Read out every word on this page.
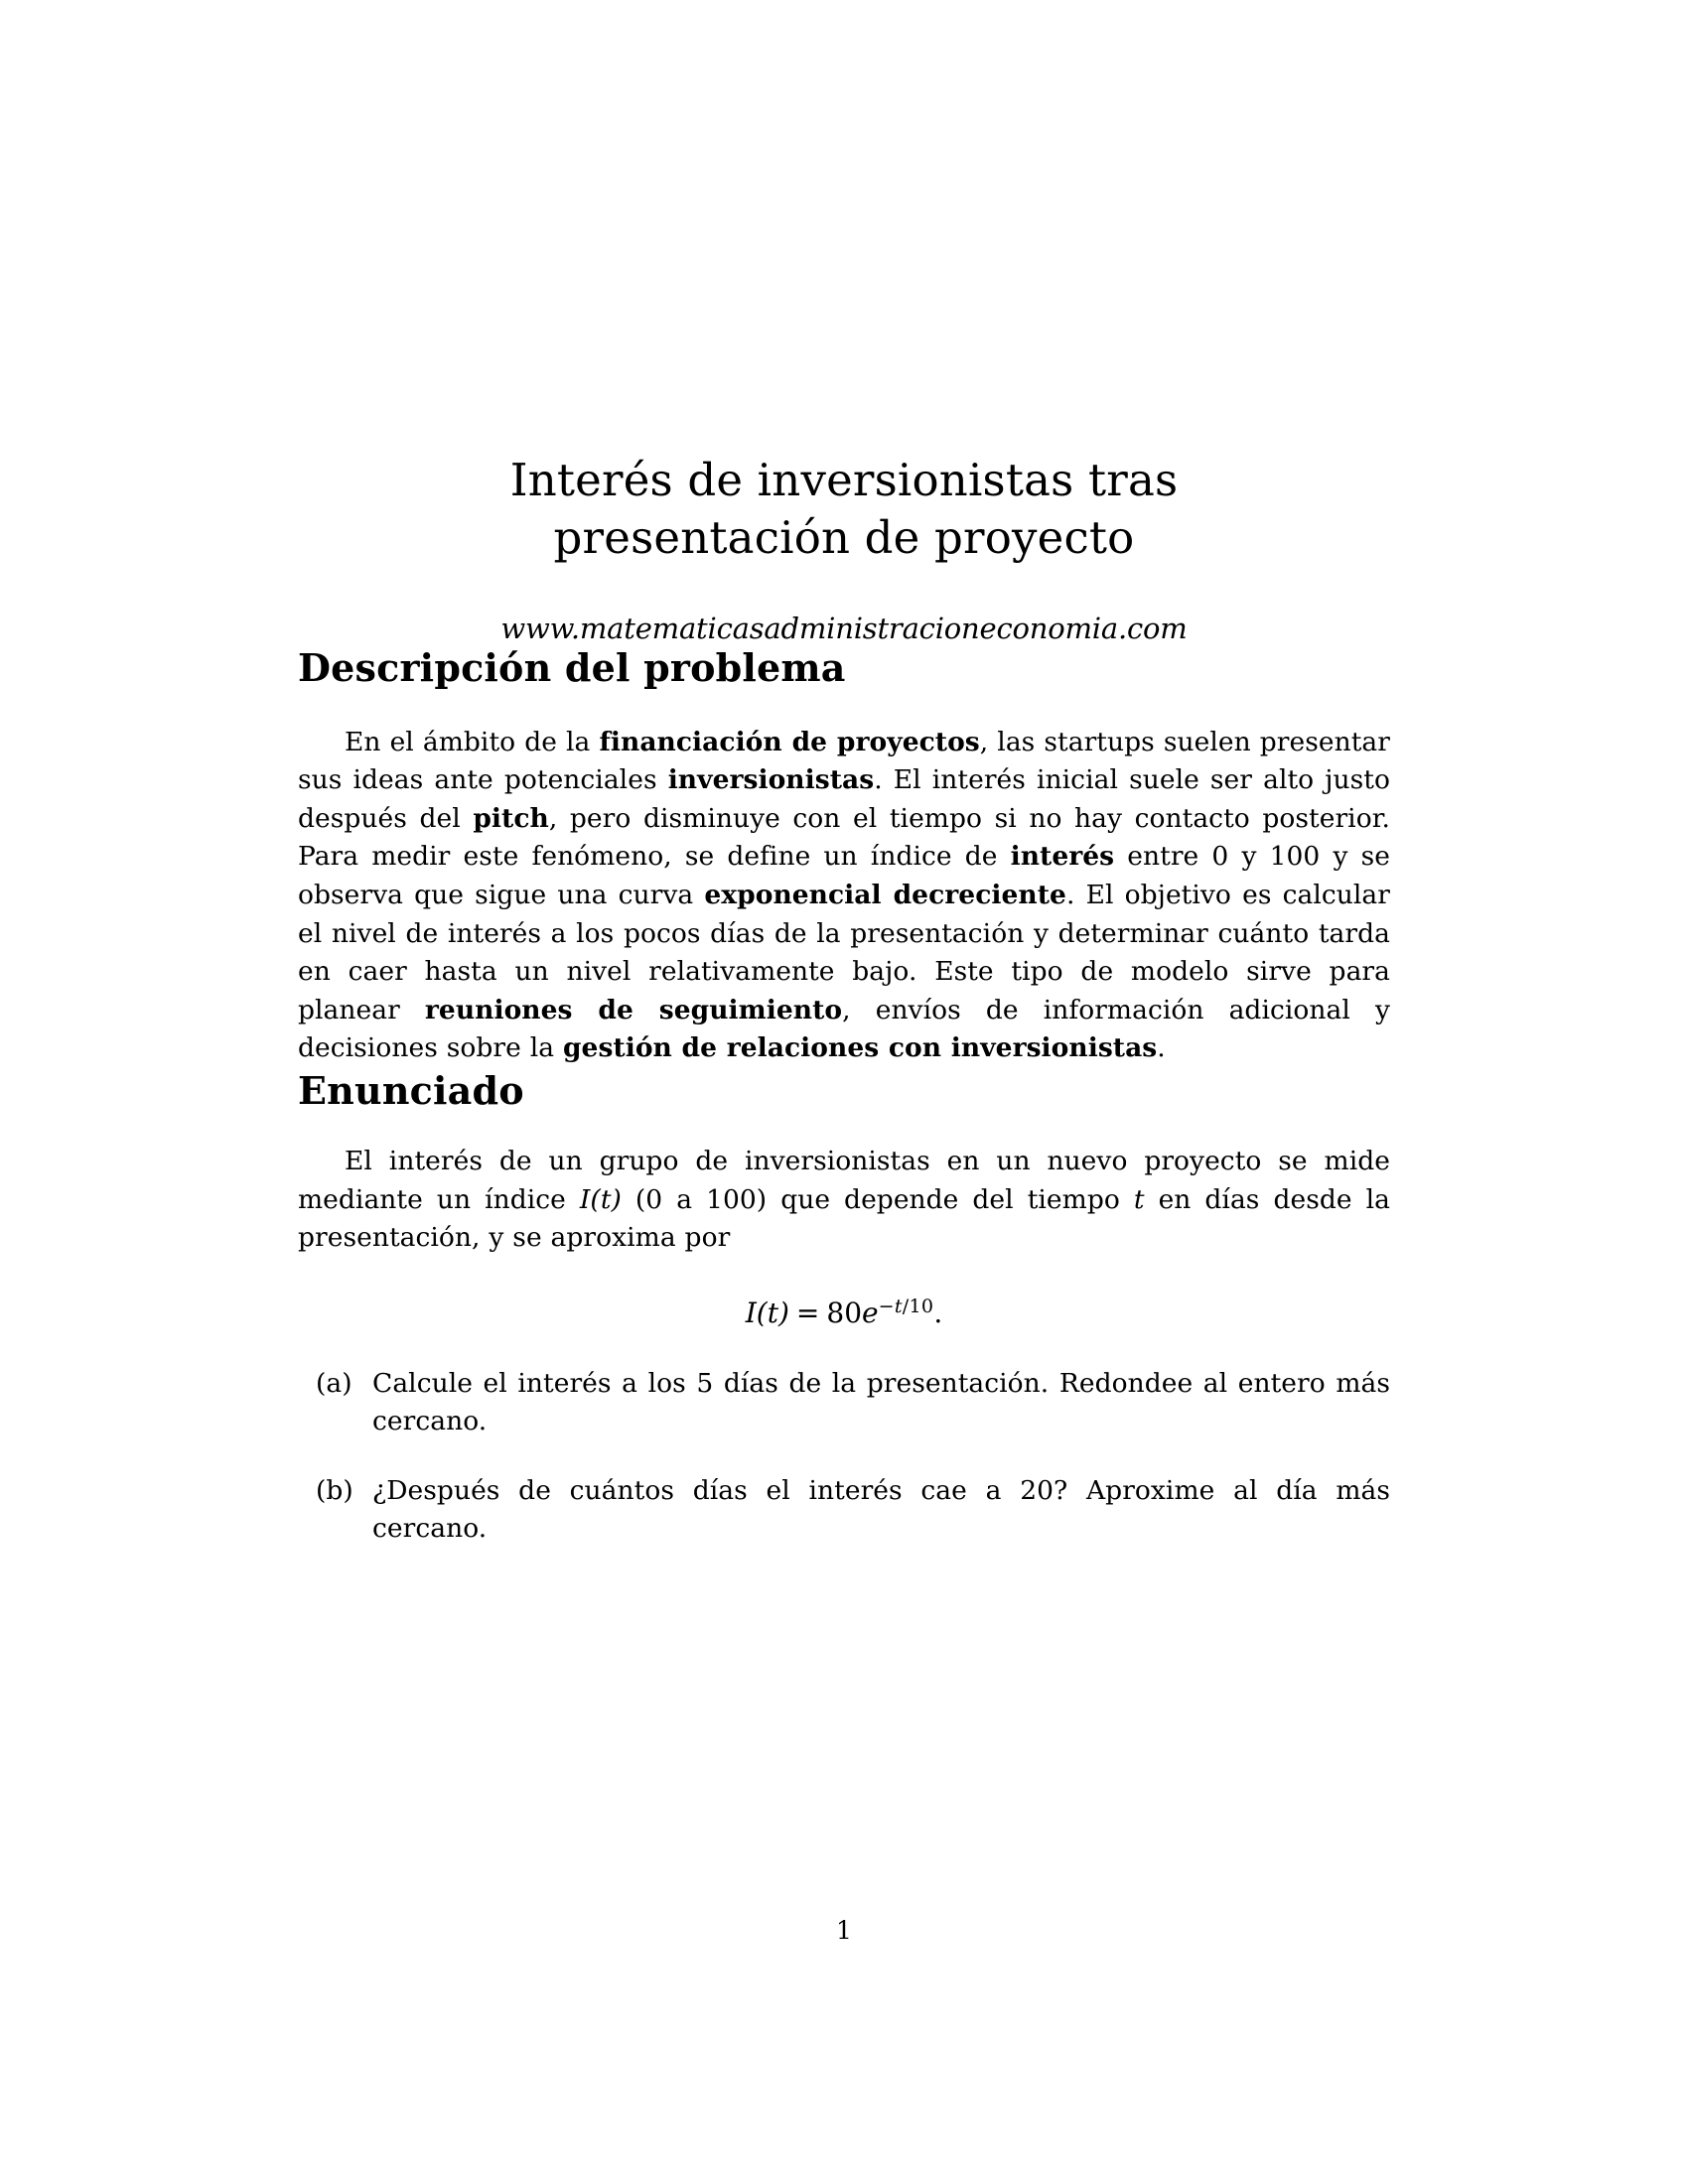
Interés de inversionistas tras
presentación de proyecto
www.matematicasadministracioneconomia.com
Descripción del problema

En el ámbito de la financiación de proyectos, las startups suelen presentar sus ideas ante potenciales inversionistas. El interés inicial suele ser alto justo después del pitch, pero disminuye con el tiempo si no hay contacto posterior. Para medir este fenómeno, se define un índice de interés entre 0 y 100 y se observa que sigue una curva exponencial decreciente. El objetivo es calcular el nivel de interés a los pocos días de la presentación y determinar cuánto tarda en caer hasta un nivel relativamente bajo. Este tipo de modelo sirve para planear reuniones de seguimiento, envíos de información adicional y decisiones sobre la gestión de relaciones con inversionistas.

Enunciado

El interés de un grupo de inversionistas en un nuevo proyecto se mide mediante un índice I(t) (0 a 100) que depende del tiempo t en días desde la presentación, y se aproxima por

$I(t) = 80e^{-t/10}$.
(a) Calcule el interés a los 5 días de la presentación. Redondee al entero más cercano.
(b) ¿Después de cuántos días el interés cae a 20? Aproxime al día más cercano.
1
